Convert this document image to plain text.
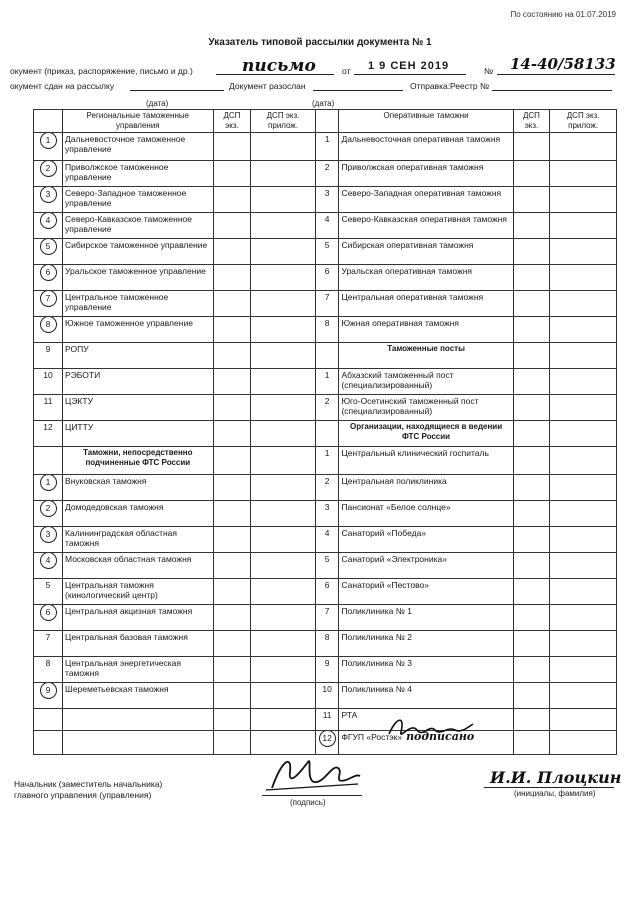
По состоянию на 01.07.2019
Указатель типовой рассылки документа № 1
окумент (приказ, распоряжение, письмо и др.)	письмо	от 1 9 СЕН 2019	№ 14-40/58133
окумент сдан на рассылку	Документ разослан	Отправка: Реестр №
(дата)	(дата)
	Региональные таможенные управления	ДСП экз.	ДСП экз. прилож.		Оперативные таможни	ДСП экз.	ДСП экз. прилож.
1	Дальневосточное таможенное управление			1	Дальневосточная оперативная таможня		
2	Приволжское таможенное управление			2	Приволжская оперативная таможня		
3	Северо-Западное таможенное управление			3	Северо-Западная оперативная таможня		
4	Северо-Кавказское таможенное управление			4	Северо-Кавказская оперативная таможня		
5	Сибирское таможенное управление			5	Сибирская оперативная таможня		
6	Уральское таможенное управление			6	Уральская оперативная таможня		
7	Центральное таможенное управление			7	Центральная оперативная таможня		
8	Южное таможенное управление			8	Южная оперативная таможня		
9	РОПУ				Таможенные посты		
10	РЭБОТИ			1	Абхазский таможенный пост (специализированный)		
11	ЦЭКТУ			2	Юго-Осетинский таможенный пост (специализированный)		
12	ЦИТТУ				Организации, находящиеся в ведении ФТС России		
	Таможни, непосредственно подчиненные ФТС России			1	Центральный клинический госпиталь		
1	Внуковская таможня			2	Центральная поликлиника		
2	Домодедовская таможня			3	Пансионат «Белое солнце»		
3	Калининградская областная таможня			4	Санаторий «Победа»		
4	Московская областная таможня			5	Санаторий «Электроника»		
5	Центральная таможня (кинологический центр)			6	Санаторий «Пестово»		
6	Центральная акцизная таможня			7	Поликлиника № 1		
7	Центральная базовая таможня			8	Поликлиника № 2		
8	Центральная энергетическая таможня			9	Поликлиника № 3		
9	Шереметьевская таможня			10	Поликлиника № 4		
				11	РТА		
				12	ФГУП «Ростэк» подписано		
Начальник (заместитель начальника) главного управления (управления)
(подпись)
И.И. Плоцкин
(инициалы, фамилия)
